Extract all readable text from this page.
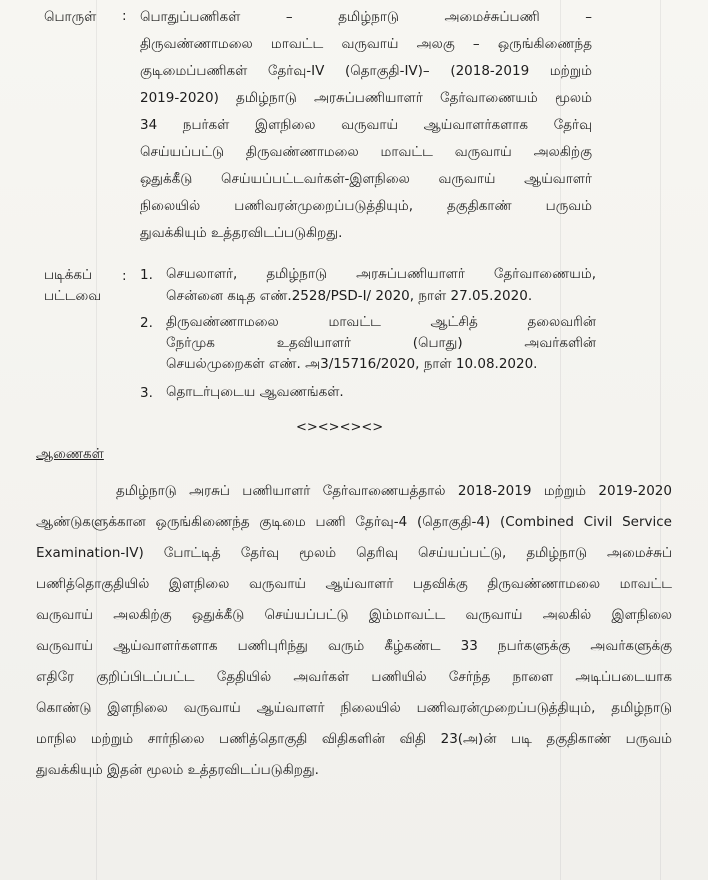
பொருள் : பொதுப்பணிகள் – தமிழ்நாடு அமைச்சுப்பணி –
திருவண்ணாமலை மாவட்ட வருவாய் அலகு – ஒருங்கிணைந்த
குடிமைப்பணிகள் தேர்வு-IV (தொகுதி-IV)– (2018-2019 மற்றும்
2019-2020) தமிழ்நாடு அரசுப்பணியாளர் தேர்வாணையம் மூலம்
34 நபர்கள் இளநிலை வருவாய் ஆய்வாளர்களாக தேர்வு
செய்யப்பட்டு திருவண்ணாமலை மாவட்ட வருவாய் அலகிற்கு
ஒதுக்கீடு செய்யப்பட்டவர்கள்-இளநிலை வருவாய் ஆய்வாளர்
நிலையில் பணிவரன்முறைப்படுத்தியும், தகுதிகாண் பருவம்
துவக்கியும் உத்தரவிடப்படுகிறது.
படிக்கப்
பட்டவை
: 1. செயலாளர், தமிழ்நாடு அரசுப்பணியாளர் தேர்வாணையம்,
சென்னை கடித எண்.2528/PSD-I/ 2020, நாள் 27.05.2020.
2. திருவண்ணாமலை மாவட்ட ஆட்சித் தலைவரின்
நேர்முக உதவியாளர் (பொது) அவர்களின்
செயல்முறைகள் எண். அ3/15716/2020, நாள் 10.08.2020.
3. தொடர்புடைய ஆவணங்கள்.
<><><><>
ஆணைகள்
தமிழ்நாடு அரசுப் பணியாளர் தேர்வாணையத்தால் 2018-2019 மற்றும் 2019-2020
ஆண்டுகளுக்கான ஒருங்கிணைந்த குடிமை பணி தேர்வு-4 (தொகுதி-4) (Combined Civil Service
Examination-IV) போட்டித் தேர்வு மூலம் தெரிவு செய்யப்பட்டு, தமிழ்நாடு அமைச்சுப்
பணித்தொகுதியில் இளநிலை வருவாய் ஆய்வாளர் பதவிக்கு திருவண்ணாமலை மாவட்ட
வருவாய் அலகிற்கு ஒதுக்கீடு செய்யப்பட்டு இம்மாவட்ட வருவாய் அலகில் இளநிலை
வருவாய் ஆய்வாளர்களாக பணிபுரிந்து வரும் கீழ்கண்ட 33 நபர்களுக்கு அவர்களுக்கு
எதிரே குறிப்பிடப்பட்ட தேதியில் அவர்கள் பணியில் சேர்ந்த நாளை அடிப்படையாக
கொண்டு இளநிலை வருவாய் ஆய்வாளர் நிலையில் பணிவரன்முறைப்படுத்தியும், தமிழ்நாடு
மாநில மற்றும் சார்நிலை பணித்தொகுதி விதிகளின் விதி 23(அ)ன் படி தகுதிகாண் பருவம்
துவக்கியும் இதன் மூலம் உத்தரவிடப்படுகிறது.
